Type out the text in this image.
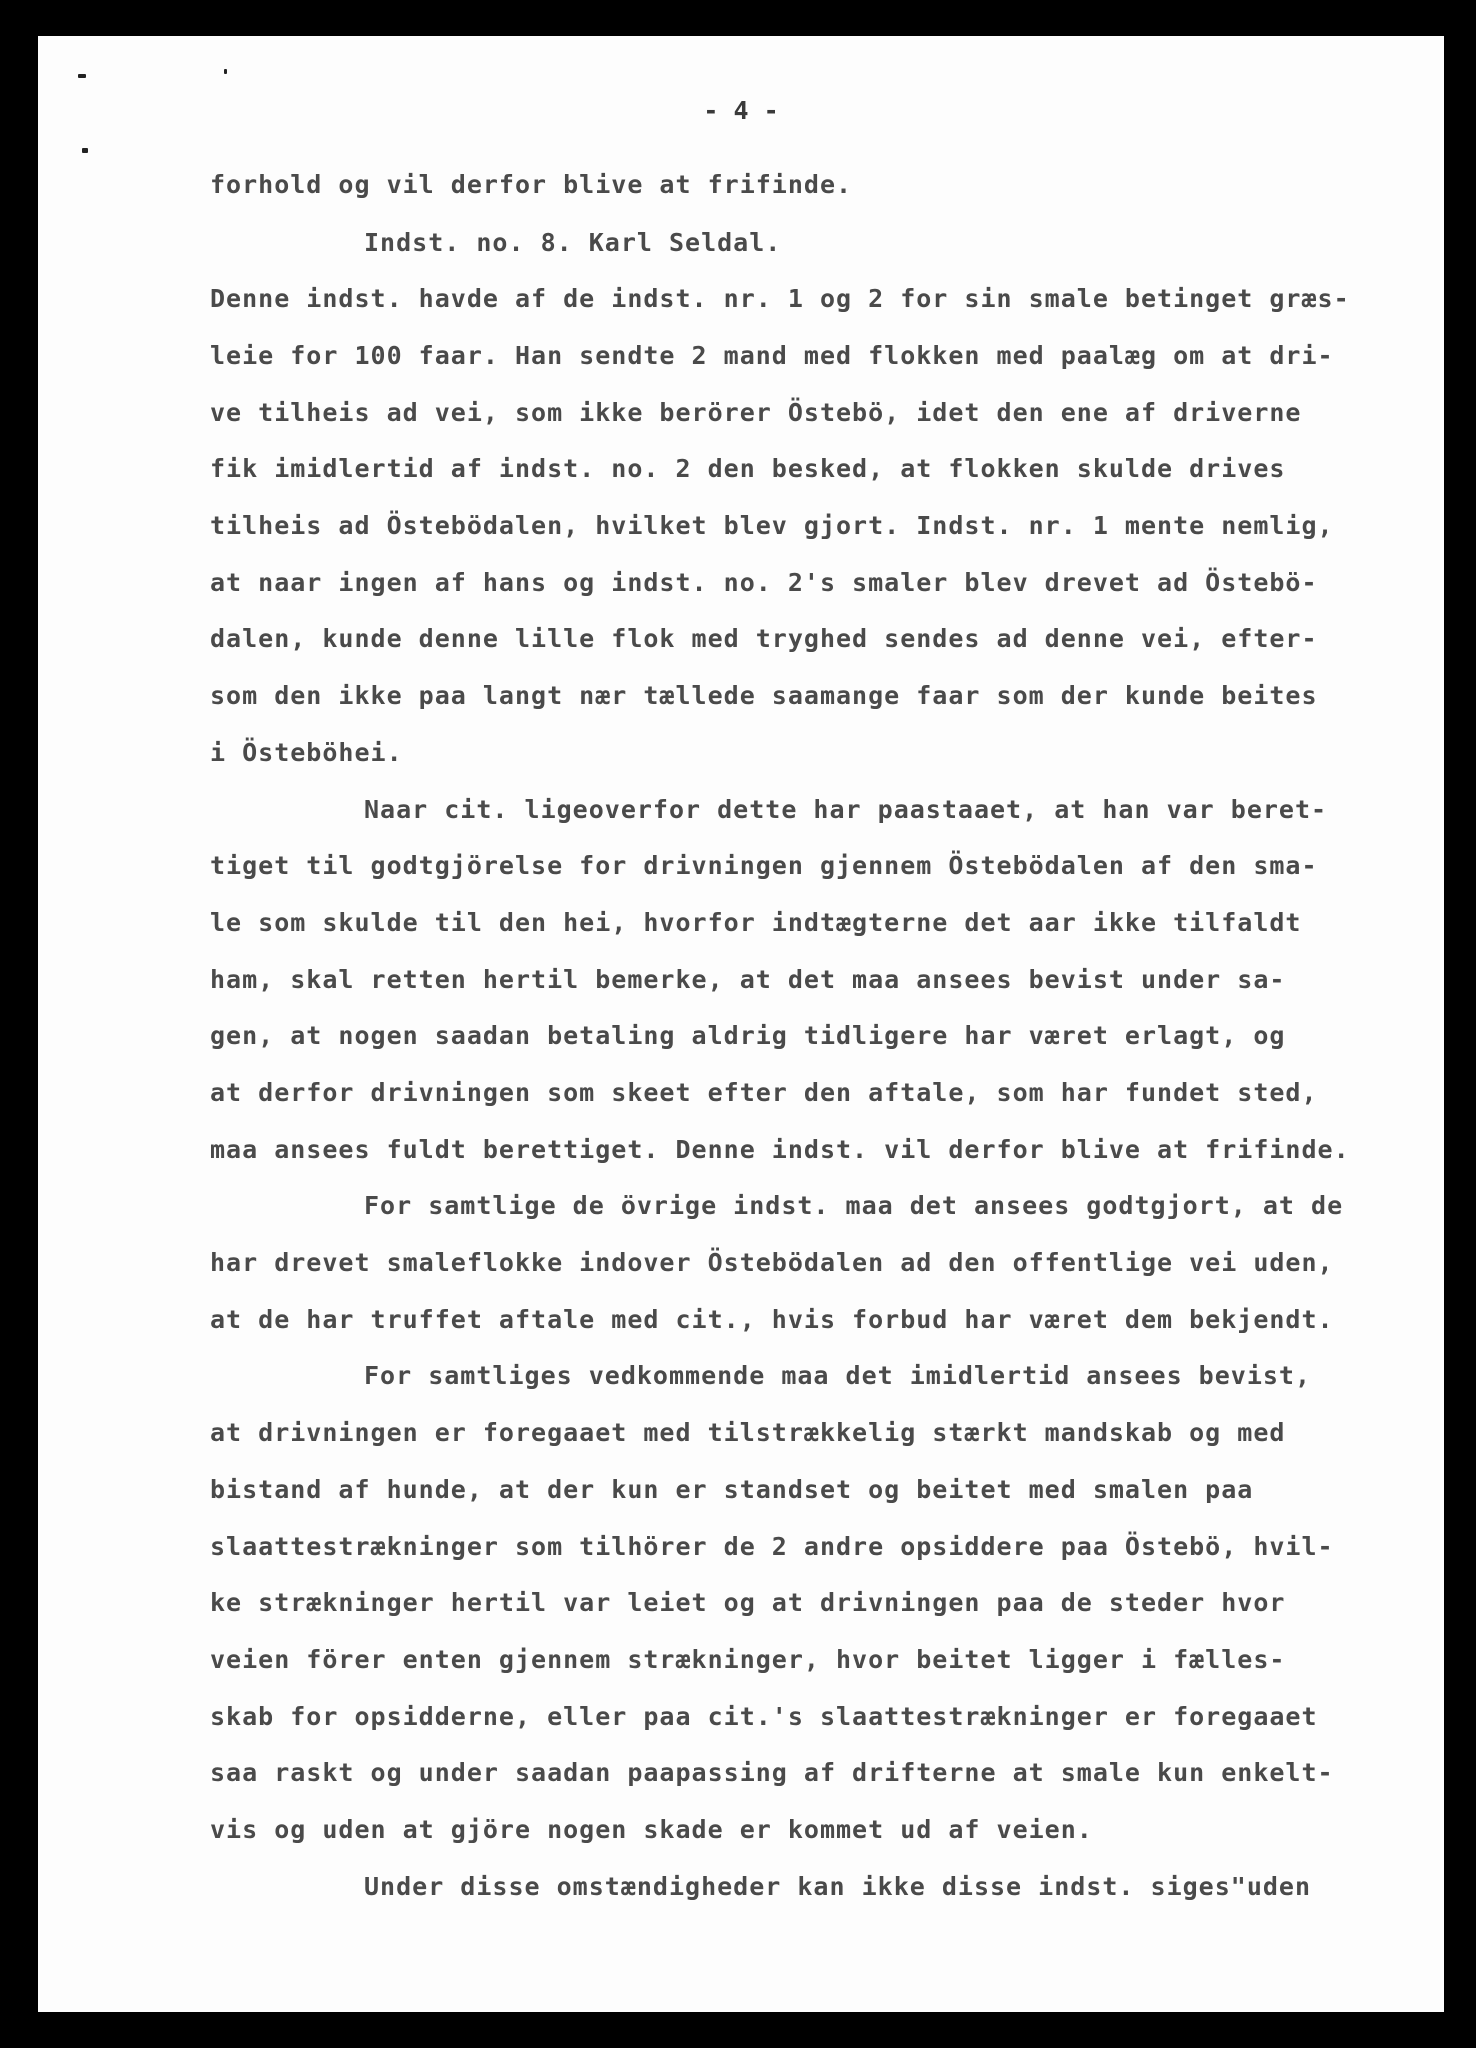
- 4 -
forhold og vil derfor blive at frifinde.
Indst. no. 8. Karl Seldal.
Denne indst. havde af de indst. nr. 1 og 2 for sin smale betinget græs-
leie for 100 faar. Han sendte 2 mand med flokken med paalæg om at dri-
ve tilheis ad vei, som ikke berörer Östebö, idet den ene af driverne
fik imidlertid af indst. no. 2 den besked, at flokken skulde drives
tilheis ad Östebödalen, hvilket blev gjort. Indst. nr. 1 mente nemlig,
at naar ingen af hans og indst. no. 2's smaler blev drevet ad Östebö-
dalen, kunde denne lille flok med tryghed sendes ad denne vei, efter-
som den ikke paa langt nær tællede saamange faar som der kunde beites
i Östeböhei.
Naar cit. ligeoverfor dette har paastaaet, at han var beret-
tiget til godtgjörelse for drivningen gjennem Östebödalen af den sma-
le som skulde til den hei, hvorfor indtægterne det aar ikke tilfaldt
ham, skal retten hertil bemerke, at det maa ansees bevist under sa-
gen, at nogen saadan betaling aldrig tidligere har været erlagt, og
at derfor drivningen som skeet efter den aftale, som har fundet sted,
maa ansees fuldt berettiget. Denne indst. vil derfor blive at frifinde.
For samtlige de övrige indst. maa det ansees godtgjort, at de
har drevet smaleflokke indover Östebödalen ad den offentlige vei uden,
at de har truffet aftale med cit., hvis forbud har været dem bekjendt.
For samtliges vedkommende maa det imidlertid ansees bevist,
at drivningen er foregaaet med tilstrækkelig stærkt mandskab og med
bistand af hunde, at der kun er standset og beitet med smalen paa
slaattestrækninger som tilhörer de 2 andre opsiddere paa Östebö, hvil-
ke strækninger hertil var leiet og at drivningen paa de steder hvor
veien förer enten gjennem strækninger, hvor beitet ligger i fælles-
skab for opsidderne, eller paa cit.'s slaattestrækninger er foregaaet
saa raskt og under saadan paapassing af drifterne at smale kun enkelt-
vis og uden at gjöre nogen skade er kommet ud af veien.
Under disse omstændigheder kan ikke disse indst. siges"uden
